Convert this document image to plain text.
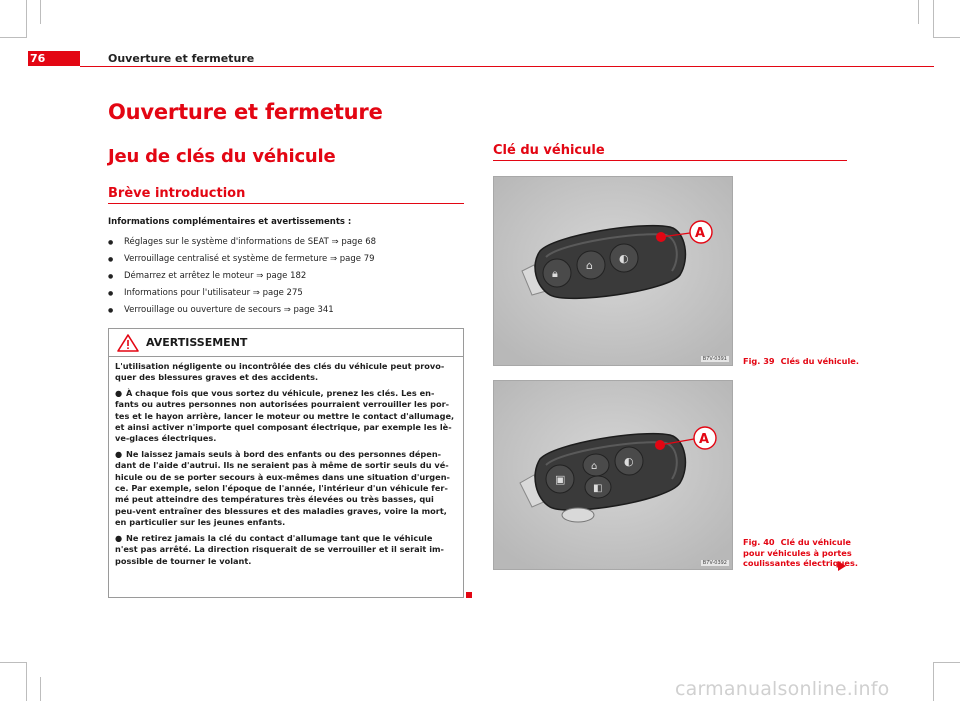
76	Ouverture et fermeture
Ouverture et fermeture
Jeu de clés du véhicule
Brève introduction
Informations complémentaires et avertissements :
● Réglages sur le système d'informations de SEAT ⇒ page 68
● Verrouillage centralisé et système de fermeture ⇒ page 79
● Démarrez et arrêtez le moteur ⇒ page 182
● Informations pour l'utilisateur ⇒ page 275
● Verrouillage ou ouverture de secours ⇒ page 341
AVERTISSEMENT

L'utilisation négligente ou incontrôlée des clés du véhicule peut provo-quer des blessures graves et des accidents.

● À chaque fois que vous sortez du véhicule, prenez les clés. Les en-fants ou autres personnes non autorisées pourraient verrouiller les por-tes et le hayon arrière, lancer le moteur ou mettre le contact d'allumage, et ainsi activer n'importe quel composant électrique, par exemple les lè-ve-glaces électriques.

● Ne laissez jamais seuls à bord des enfants ou des personnes dépen-dant de l'aide d'autrui. Ils ne seraient pas à même de sortir seuls du vé-hicule ou de se porter secours à eux-mêmes dans une situation d'urgen-ce. Par exemple, selon l'époque de l'année, l'intérieur d'un véhicule fer-mé peut atteindre des températures très élevées ou très basses, qui peu-vent entraîner des blessures et des maladies graves, voire la mort, en particulier sur les jeunes enfants.

● Ne retirez jamais la clé du contact d'allumage tant que le véhicule n'est pas arrêté. La direction risquerait de se verrouiller et il serait im-possible de tourner le volant.

Clé du véhicule
🔒︎
⌂
◐
A
B7V-0391 Fig. 39 Clés du véhicule.
▣
⌂
◧
◐
A
B7V-0392
Fig. 40 Clé du véhicule
pour véhicules à portes
coulissantes électriques.
carmanualsonline.info
